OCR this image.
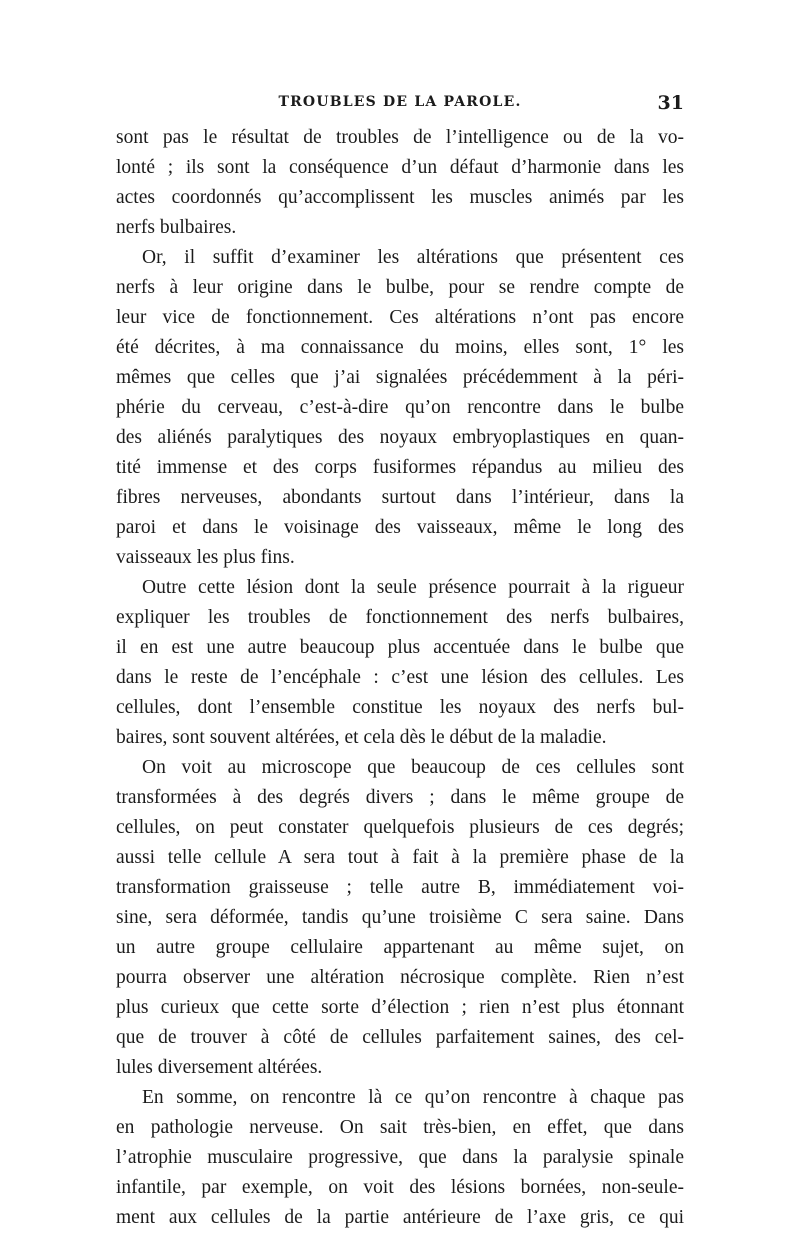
TROUBLES DE LA PAROLE.	31
sont pas le résultat de troubles de l’intelligence ou de la vo-
lonté ; ils sont la conséquence d’un défaut d’harmonie dans les
actes coordonnés qu’accomplissent les muscles animés par les
nerfs bulbaires.
Or, il suffit d’examiner les altérations que présentent ces
nerfs à leur origine dans le bulbe, pour se rendre compte de
leur vice de fonctionnement. Ces altérations n’ont pas encore
été décrites, à ma connaissance du moins, elles sont, 1° les
mêmes que celles que j’ai signalées précédemment à la péri-
phérie du cerveau, c’est-à-dire qu’on rencontre dans le bulbe
des aliénés paralytiques des noyaux embryoplastiques en quan-
tité immense et des corps fusiformes répandus au milieu des
fibres nerveuses, abondants surtout dans l’intérieur, dans la
paroi et dans le voisinage des vaisseaux, même le long des
vaisseaux les plus fins.
Outre cette lésion dont la seule présence pourrait à la rigueur
expliquer les troubles de fonctionnement des nerfs bulbaires,
il en est une autre beaucoup plus accentuée dans le bulbe que
dans le reste de l’encéphale : c’est une lésion des cellules. Les
cellules, dont l’ensemble constitue les noyaux des nerfs bul-
baires, sont souvent altérées, et cela dès le début de la maladie.
On voit au microscope que beaucoup de ces cellules sont
transformées à des degrés divers ; dans le même groupe de
cellules, on peut constater quelquefois plusieurs de ces degrés;
aussi telle cellule A sera tout à fait à la première phase de la
transformation graisseuse ; telle autre B, immédiatement voi-
sine, sera déformée, tandis qu’une troisième C sera saine. Dans
un autre groupe cellulaire appartenant au même sujet, on
pourra observer une altération nécrosique complète. Rien n’est
plus curieux que cette sorte d’élection ; rien n’est plus étonnant
que de trouver à côté de cellules parfaitement saines, des cel-
lules diversement altérées.
En somme, on rencontre là ce qu’on rencontre à chaque pas
en pathologie nerveuse. On sait très-bien, en effet, que dans
l’atrophie musculaire progressive, que dans la paralysie spinale
infantile, par exemple, on voit des lésions bornées, non-seule-
ment aux cellules de la partie antérieure de l’axe gris, ce qui
